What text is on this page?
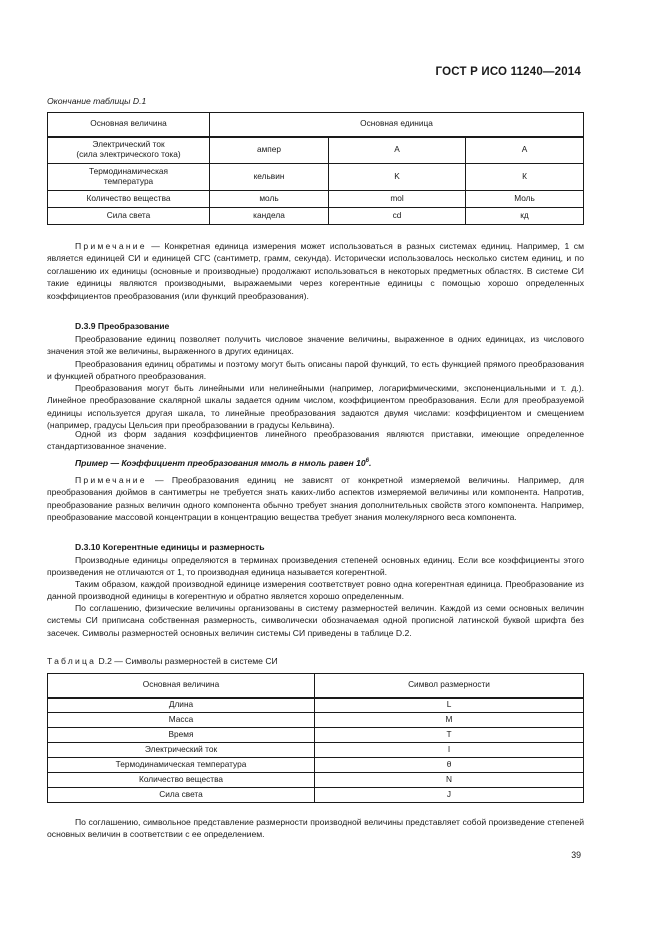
ГОСТ Р ИСО 11240—2014
Окончание таблицы D.1
Основная величина	Основная единица		

Электрический ток
(сила электрического тока)	ампер	A	А

Термодинамическая
температура	кельвин	K	К
Количество вещества	моль	mol	Моль
Сила света	кандела	cd	кд

Примечание — Конкретная единица измерения может использоваться в разных системах единиц. Например, 1 см является единицей СИ и единицей СГС (сантиметр, грамм, секунда). Исторически использовалось несколько систем единиц, и по соглашению их единицы (основные и производные) продолжают использоваться в некоторых предметных областях. В системе СИ такие единицы являются производными, выражаемыми через когерентные единицы с помощью хорошо определенных коэффициентов преобразования (или функций преобразования).

D.3.9 Преобразование

Преобразование единиц позволяет получить числовое значение величины, выраженное в одних единицах, из числового значения этой же величины, выраженного в других единицах.

Преобразования единиц обратимы и поэтому могут быть описаны парой функций, то есть функцией прямого преобразования и функцией обратного преобразования.

Преобразования могут быть линейными или нелинейными (например, логарифмическими, экспоненциальными и т. д.). Линейное преобразование скалярной шкалы задается одним числом, коэффициентом преобразования. Если для преобразуемой единицы используется другая шкала, то линейные преобразования задаются двумя числами: коэффициентом и смещением (например, градусы Цельсия при преобразовании в градусы Кельвина).

Одной из форм задания коэффициентов линейного преобразования являются приставки, имеющие определенное стандартизованное значение.

Пример — Коэффициент преобразования ммоль в нмоль равен $10^6$.

Примечание — Преобразования единиц не зависят от конкретной измеряемой величины. Например, для преобразования дюймов в сантиметры не требуется знать каких-либо аспектов измеряемой величины или компонента. Напротив, преобразование разных величин одного компонента обычно требует знания дополнительных свойств этого компонента. Например, преобразование массовой концентрации в концентрацию вещества требует знания молекулярного веса компонента.

D.3.10 Когерентные единицы и размерность

Производные единицы определяются в терминах произведения степеней основных единиц. Если все коэффициенты этого произведения не отличаются от 1, то производная единица называется когерентной.

Таким образом, каждой производной единице измерения соответствует ровно одна когерентная единица. Преобразование из данной производной единицы в когерентную и обратно является хорошо определенным.

По соглашению, физические величины организованы в систему размерностей величин. Каждой из семи основных величин системы СИ приписана собственная размерность, символически обозначаемая одной прописной латинской буквой шрифта без засечек. Символы размерностей основных величин системы СИ приведены в таблице D.2.

Таблица D.2 — Символы размерностей в системе СИ
Основная величина	Символ размерности
Длина	L
Масса	M
Время	T
Электрический ток	I
Термодинамическая температура	θ
Количество вещества	N
Сила света	J

По соглашению, символьное представление размерности производной величины представляет собой произведение степеней основных величин в соответствии с ее определением.

39
